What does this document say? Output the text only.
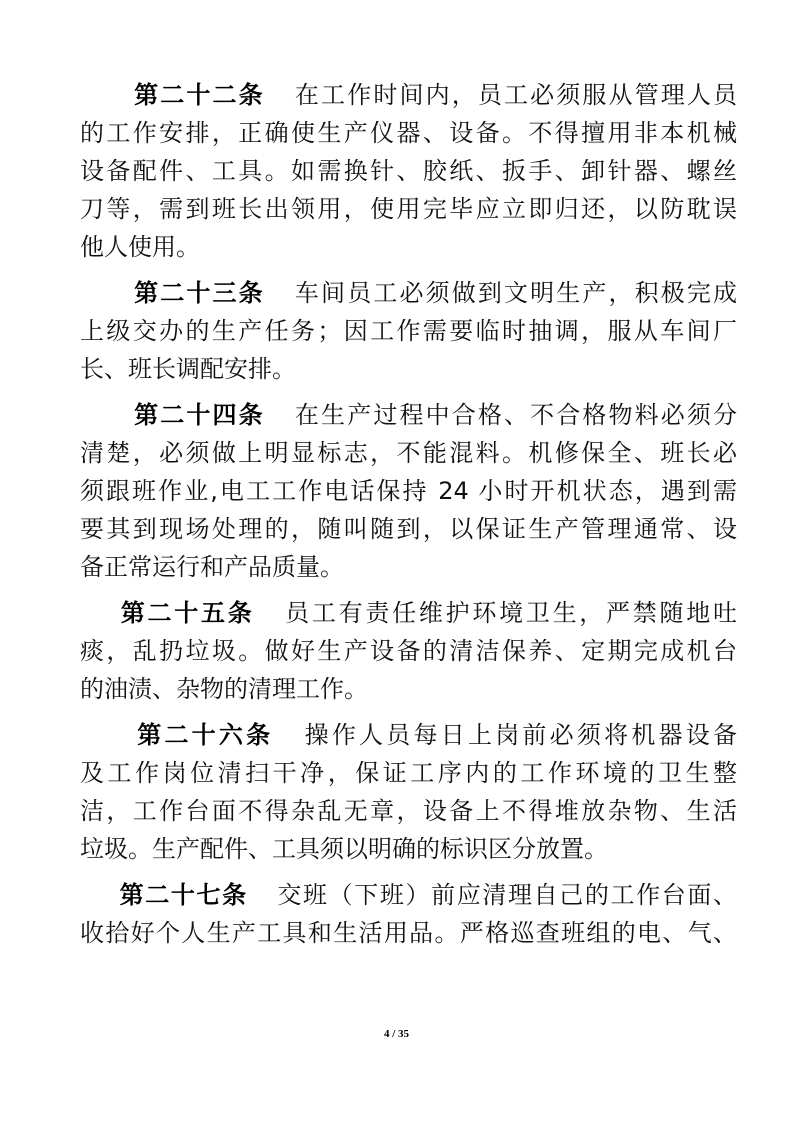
第二十二条 在工作时间内，员工必须服从管理人员
的工作安排，正确使生产仪器、设备。不得擅用非本机械
设备配件、工具。如需换针、胶纸、扳手、卸针器、螺丝
刀等，需到班长出领用，使用完毕应立即归还，以防耽误
他人使用。
第二十三条 车间员工必须做到文明生产，积极完成
上级交办的生产任务；因工作需要临时抽调，服从车间厂
长、班长调配安排。
第二十四条 在生产过程中合格、不合格物料必须分
清楚，必须做上明显标志，不能混料。机修保全、班长必
须跟班作业,电工工作电话保持 24 小时开机状态，遇到需
要其到现场处理的，随叫随到，以保证生产管理通常、设
备正常运行和产品质量。
第二十五条 员工有责任维护环境卫生，严禁随地吐
痰，乱扔垃圾。做好生产设备的清洁保养、定期完成机台
的油渍、杂物的清理工作。
第二十六条 操作人员每日上岗前必须将机器设备
及工作岗位清扫干净，保证工序内的工作环境的卫生整
洁，工作台面不得杂乱无章，设备上不得堆放杂物、生活
垃圾。生产配件、工具须以明确的标识区分放置。
第二十七条 交班（下班）前应清理自己的工作台面、
收拾好个人生产工具和生活用品。严格巡查班组的电、气、
4 / 35
